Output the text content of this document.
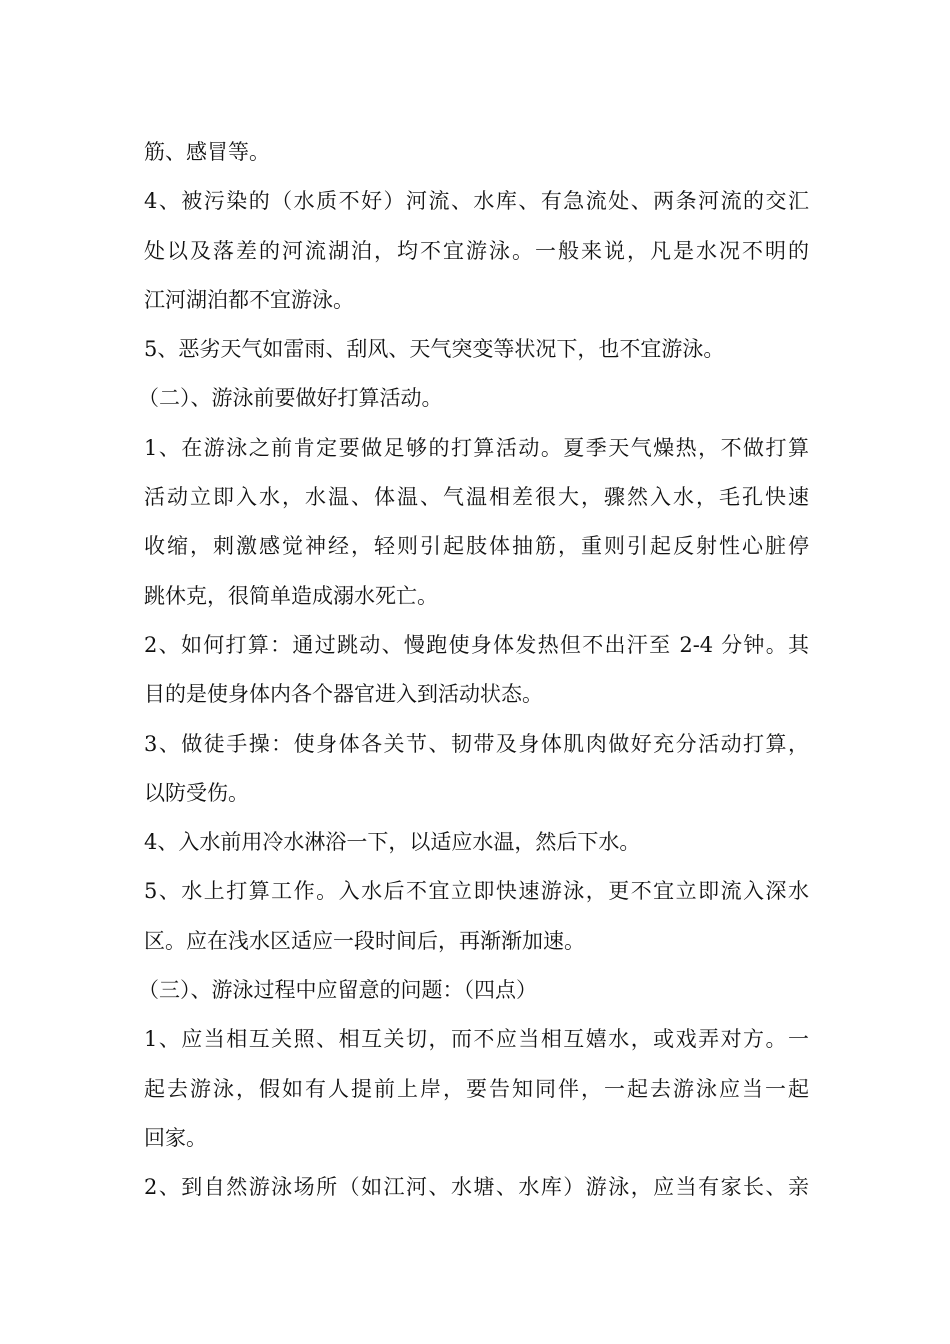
筋、感冒等。

4、被污染的（水质不好）河流、水库、有急流处、两条河流的交汇

处以及落差的河流湖泊，均不宜游泳。一般来说，凡是水况不明的

江河湖泊都不宜游泳。

5、恶劣天气如雷雨、刮风、天气突变等状况下，也不宜游泳。

（二）、游泳前要做好打算活动。

1、在游泳之前肯定要做足够的打算活动。夏季天气燥热，不做打算

活动立即入水，水温、体温、气温相差很大，骤然入水，毛孔快速

收缩，刺激感觉神经，轻则引起肢体抽筋，重则引起反射性心脏停

跳休克，很简单造成溺水死亡。

2、如何打算：通过跳动、慢跑使身体发热但不出汗至 2-4 分钟。其

目的是使身体内各个器官进入到活动状态。

3、做徒手操：使身体各关节、韧带及身体肌肉做好充分活动打算，

以防受伤。

4、入水前用冷水淋浴一下，以适应水温，然后下水。

5、水上打算工作。入水后不宜立即快速游泳，更不宜立即流入深水

区。应在浅水区适应一段时间后，再渐渐加速。

（三）、游泳过程中应留意的问题：（四点）

1、应当相互关照、相互关切，而不应当相互嬉水，或戏弄对方。一

起去游泳，假如有人提前上岸，要告知同伴，一起去游泳应当一起

回家。

2、到自然游泳场所（如江河、水塘、水库）游泳，应当有家长、亲
